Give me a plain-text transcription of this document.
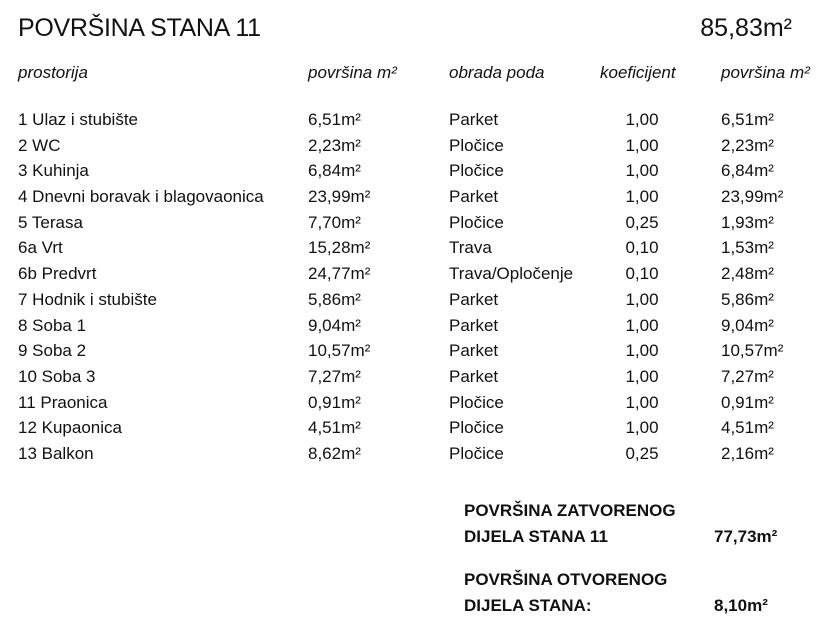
POVRŠINA STANA 11	85,83m²
prostorija	površina m²	obrada poda	koeficijent	površina m²
1 Ulaz i stubište	6,51m²	Parket	1,00	6,51m²
2 WC	2,23m²	Pločice	1,00	2,23m²
3 Kuhinja	6,84m²	Pločice	1,00	6,84m²
4 Dnevni boravak i blagovaonica	23,99m²	Parket	1,00	23,99m²
5 Terasa	7,70m²	Pločice	0,25	1,93m²
6a Vrt	15,28m²	Trava	0,10	1,53m²
6b Predvrt	24,77m²	Trava/Opločenje	0,10	2,48m²
7 Hodnik i stubište	5,86m²	Parket	1,00	5,86m²
8 Soba 1	9,04m²	Parket	1,00	9,04m²
9 Soba 2	10,57m²	Parket	1,00	10,57m²
10 Soba 3	7,27m²	Parket	1,00	7,27m²
11 Praonica	0,91m²	Pločice	1,00	0,91m²
12 Kupaonica	4,51m²	Pločice	1,00	4,51m²
13 Balkon	8,62m²	Pločice	0,25	2,16m²
POVRŠINA ZATVORENOG
DIJELA STANA 11	77,73m²
POVRŠINA OTVORENOG
DIJELA STANA:	8,10m²
